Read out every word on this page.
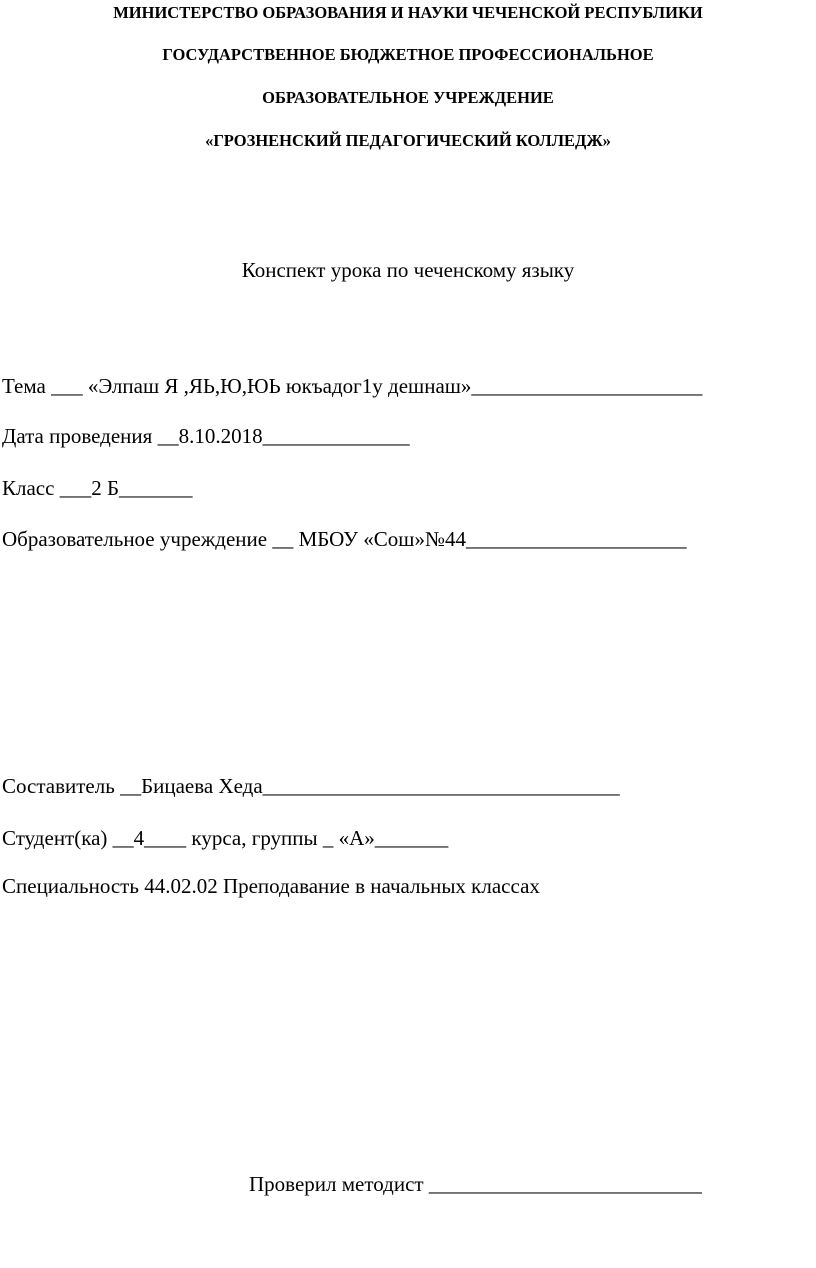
МИНИСТЕРСТВО ОБРАЗОВАНИЯ И НАУКИ ЧЕЧЕНСКОЙ РЕСПУБЛИКИ
ГОСУДАРСТВЕННОЕ БЮДЖЕТНОЕ ПРОФЕССИОНАЛЬНОЕ
ОБРАЗОВАТЕЛЬНОЕ УЧРЕЖДЕНИЕ
«ГРОЗНЕНСКИЙ ПЕДАГОГИЧЕСКИЙ КОЛЛЕДЖ»
Конспект урока по чеченскому языку
Тема ___ «Элпаш Я ,ЯЬ,Ю,ЮЬ юкъадог1у дешнаш»______________________
Дата проведения __8.10.2018______________
Класс ___2 Б_______
Образовательное учреждение __ МБОУ «Сош»№44_____________________
Составитель __Бицаева Хеда__________________________________
Студент(ка) __4____ курса, группы _ «А»_______
Специальность 44.02.02 Преподавание в начальных классах
Проверил методист __________________________
